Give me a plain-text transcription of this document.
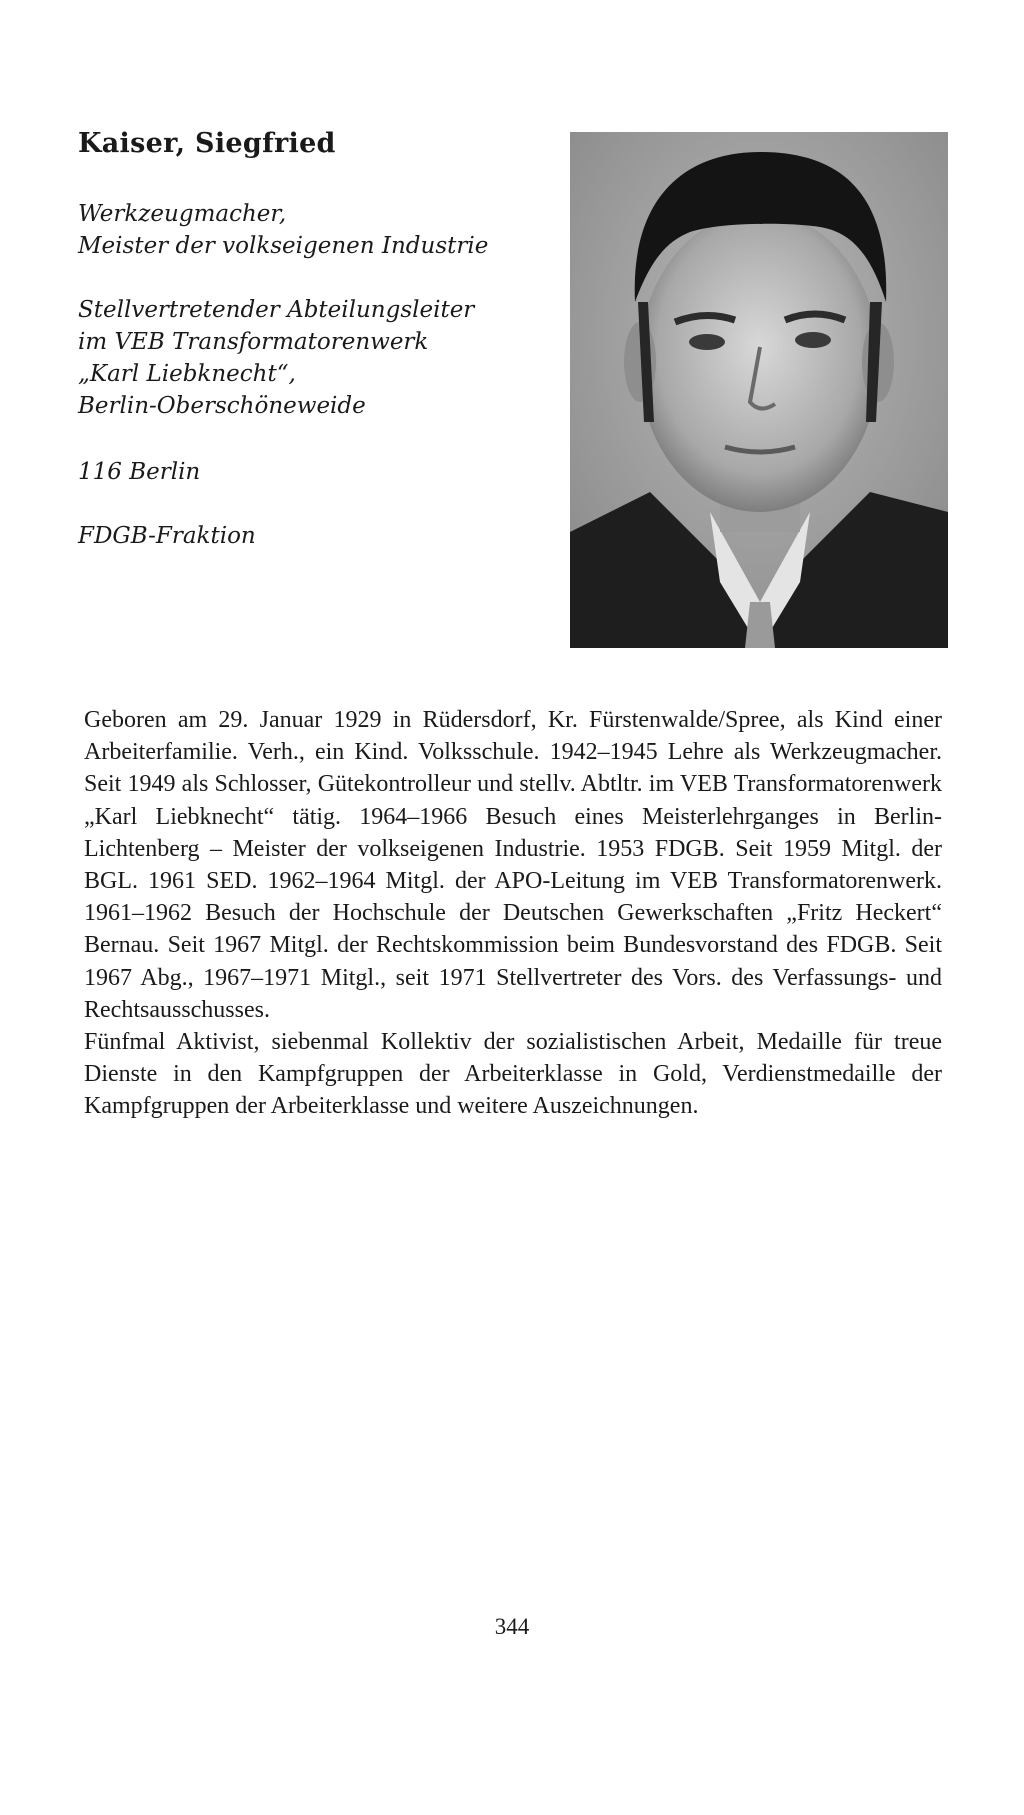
Kaiser, Siegfried
Werkzeugmacher,
Meister der volkseigenen Industrie
Stellvertretender Abteilungsleiter
im VEB Transformatorenwerk
„Karl Liebknecht“,
Berlin-Oberschöneweide
116 Berlin
FDGB-Fraktion

Geboren am 29. Januar 1929 in Rüdersdorf, Kr. Fürstenwalde/Spree, als Kind einer Arbeiterfamilie. Verh., ein Kind. Volksschule. 1942–1945 Lehre als Werkzeugmacher. Seit 1949 als Schlosser, Gütekontrolleur und stellv. Abtltr. im VEB Transformatorenwerk „Karl Liebknecht“ tätig. 1964–1966 Besuch eines Meisterlehrganges in Berlin-Lichtenberg – Meister der volkseigenen Industrie. 1953 FDGB. Seit 1959 Mitgl. der BGL. 1961 SED. 1962–1964 Mitgl. der APO-Leitung im VEB Transformatorenwerk. 1961–1962 Besuch der Hochschule der Deutschen Gewerkschaften „Fritz Heckert“ Bernau. Seit 1967 Mitgl. der Rechtskommission beim Bundesvorstand des FDGB. Seit 1967 Abg., 1967–1971 Mitgl., seit 1971 Stellvertreter des Vors. des Verfassungs- und Rechtsausschusses.

Fünfmal Aktivist, siebenmal Kollektiv der sozialistischen Arbeit, Medaille für treue Dienste in den Kampfgruppen der Arbeiterklasse in Gold, Verdienstmedaille der Kampfgruppen der Arbeiterklasse und weitere Auszeichnungen.

344
